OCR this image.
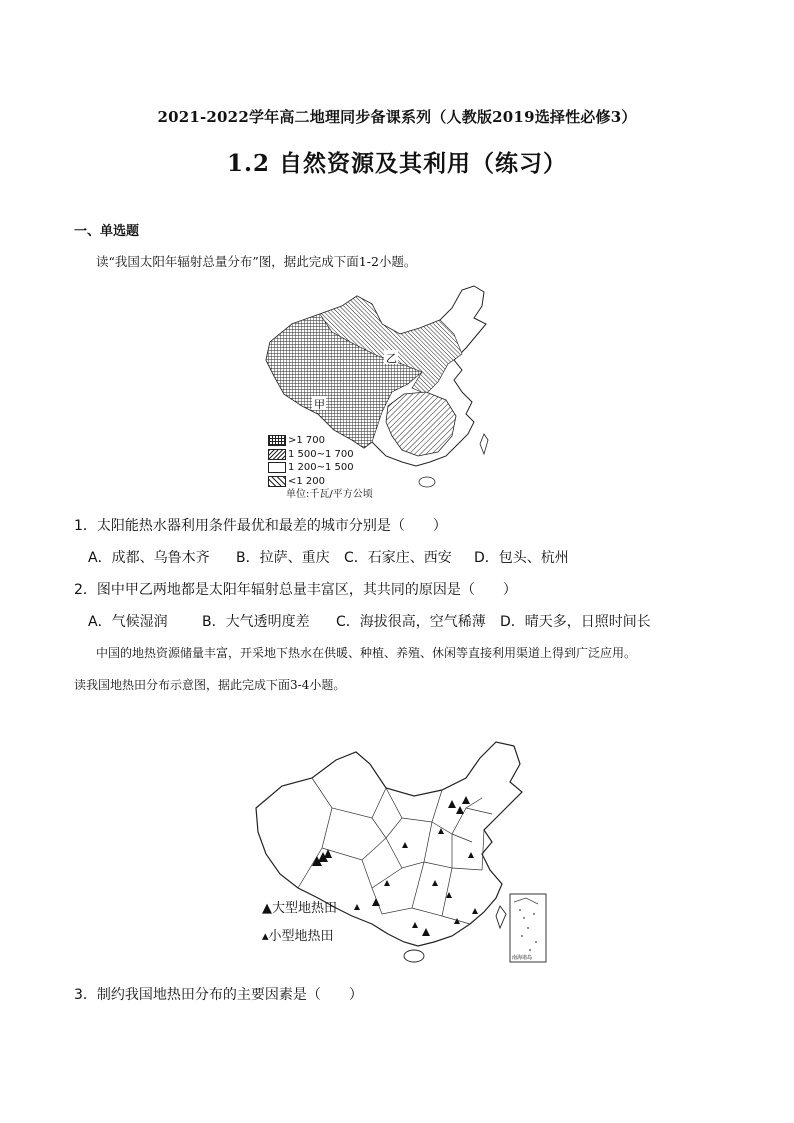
2021-2022学年高二地理同步备课系列（人教版2019选择性必修3）
1.2 自然资源及其利用（练习）
一、单选题
读“我国太阳年辐射总量分布”图，据此完成下面1-2小题。
乙
甲
>1 700
1 500~1 700
1 200~1 500
<1 200
单位:千瓦/平方公顷
1．太阳能热水器利用条件最优和最差的城市分别是（　　）
A．成都、乌鲁木齐 B．拉萨、重庆 C．石家庄、西安 D．包头、杭州
2．图中甲乙两地都是太阳年辐射总量丰富区，其共同的原因是（　　）
A．气候湿润 B．大气透明度差 C．海拔很高，空气稀薄 D．晴天多，日照时间长
中国的地热资源储量丰富，开采地下热水在供暖、种植、养殖、休闲等直接利用渠道上得到广泛应用。
读我国地热田分布示意图，据此完成下面3-4小题。
南海诸岛
▲大型地热田
▴小型地热田
3．制约我国地热田分布的主要因素是（　　）
